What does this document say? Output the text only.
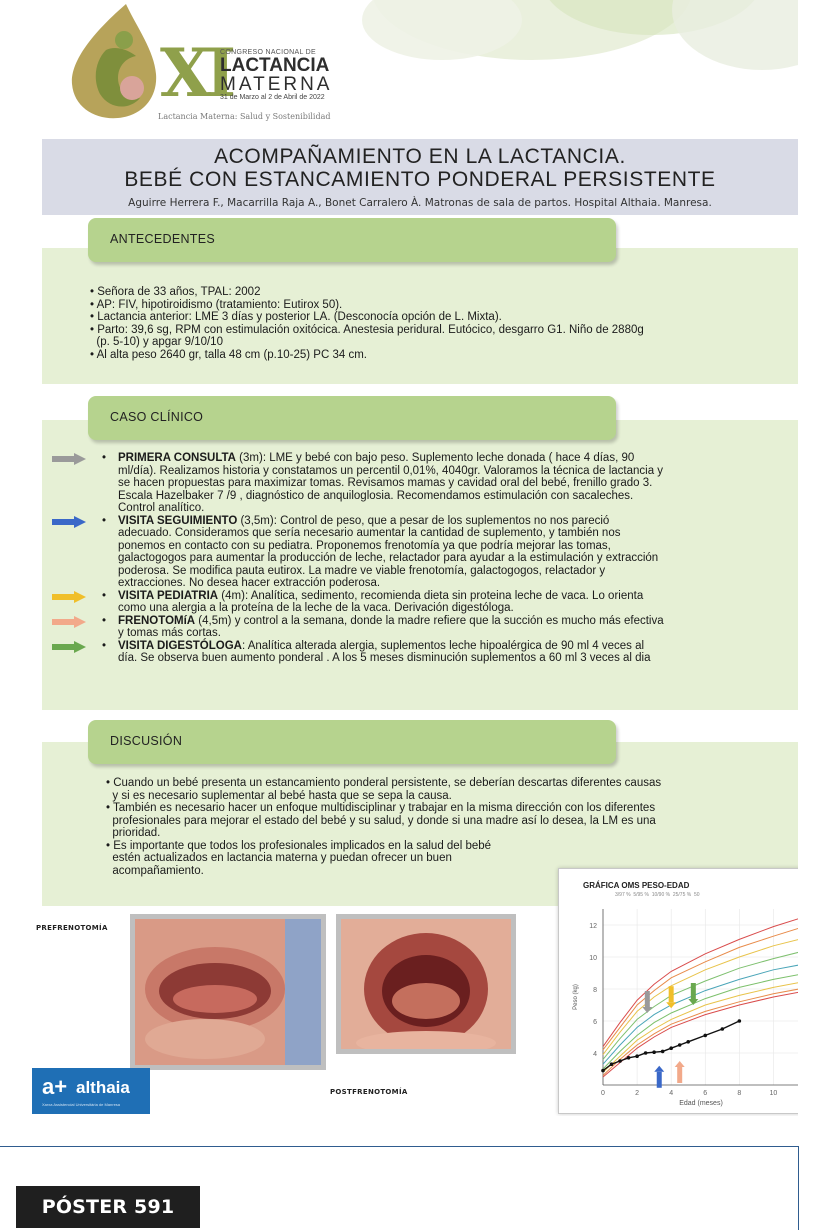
XI
CONGRESO NACIONAL DE
LACTANCIA
MATERNA
31 de Marzo al 2 de Abril de 2022
Lactancia Materna: Salud y Sostenibilidad
ACOMPAÑAMIENTO EN LA LACTANCIA.
BEBÉ CON ESTANCAMIENTO PONDERAL PERSISTENTE
Aguirre Herrera F., Macarrilla Raja A., Bonet Carralero À. Matronas de sala de partos. Hospital Althaia. Manresa.
ANTECEDENTES

• Señora de 33 años, TPAL: 2002

• AP: FIV, hipotiroidismo (tratamiento: Eutirox 50).

• Lactancia anterior: LME 3 días y posterior LA. (Desconocía opción de L. Mixta).

• Parto: 39,6 sg, RPM con estimulación oxitócica. Anestesia peridural. Eutócico, desgarro G1. Niño de 2880g

(p. 5-10) y apgar 9/10/10

• Al alta peso 2640 gr, talla 48 cm (p.10-25) PC 34 cm.

CASO CLÍNICO
• PRIMERA CONSULTA (3m): LME y bebé con bajo peso. Suplemento leche donada ( hace 4 días, 90
ml/día). Realizamos historia y constatamos un percentil 0,01%, 4040gr. Valoramos la técnica de lactancia y
se hacen propuestas para maximizar tomas. Revisamos mamas y cavidad oral del bebé, frenillo grado 3.
Escala Hazelbaker 7 /9 , diagnóstico de anquiloglosia. Recomendamos estimulación con sacaleches.
Control analítico.
• VISITA SEGUIMIENTO (3,5m): Control de peso, que a pesar de los suplementos no nos pareció
adecuado. Consideramos que sería necesario aumentar la cantidad de suplemento, y también nos
ponemos en contacto con su pediatra. Proponemos frenotomía ya que podría mejorar las tomas,
galactogogos para aumentar la producción de leche, relactador para ayudar a la estimulación y extracción
poderosa. Se modifica pauta eutirox. La madre ve viable frenotomía, galactogogos, relactador y
extracciones. No desea hacer extracción poderosa.
• VISITA PEDIATRIA (4m): Analítica, sedimento, recomienda dieta sin proteina leche de vaca. Lo orienta
como una alergia a la proteína de la leche de la vaca. Derivación digestóloga.
• FRENOTOMíA (4,5m) y control a la semana, donde la madre refiere que la succión es mucho más efectiva
y tomas más cortas.
• VISITA DIGESTÓLOGA: Analítica alterada alergia, suplementos leche hipoalérgica de 90 ml 4 veces al
día. Se observa buen aumento ponderal . A los 5 meses disminución suplementos a 60 ml 3 veces al dia
DISCUSIÓN

• Cuando un bebé presenta un estancamiento ponderal persistente, se deberían descartas diferentes causas

y si es necesario suplementar al bebé hasta que se sepa la causa.

• También es necesario hacer un enfoque multidisciplinar y trabajar en la misma dirección con los diferentes

profesionales para mejorar el estado del bebé y su salud, y donde si una madre así lo desea, la LM es una

prioridad.

• Es importante que todos los profesionales implicados en la salud del bebé

estén actualizados en lactancia materna y puedan ofrecer un buen

acompañamiento.

PREFRENOTOMÍA
POSTFRENOTOMÍA
GRÁFICA OMS PESO-EDAD
3/97 % 5/95 % 10/90 % 25/75 % 50
4
6
8
10
12
0	2	4	6	8	10
Edad (meses)
Peso (kg)
a+ althaia
Xarxa Assistencial Universitària de Manresa
PÓSTER 591
